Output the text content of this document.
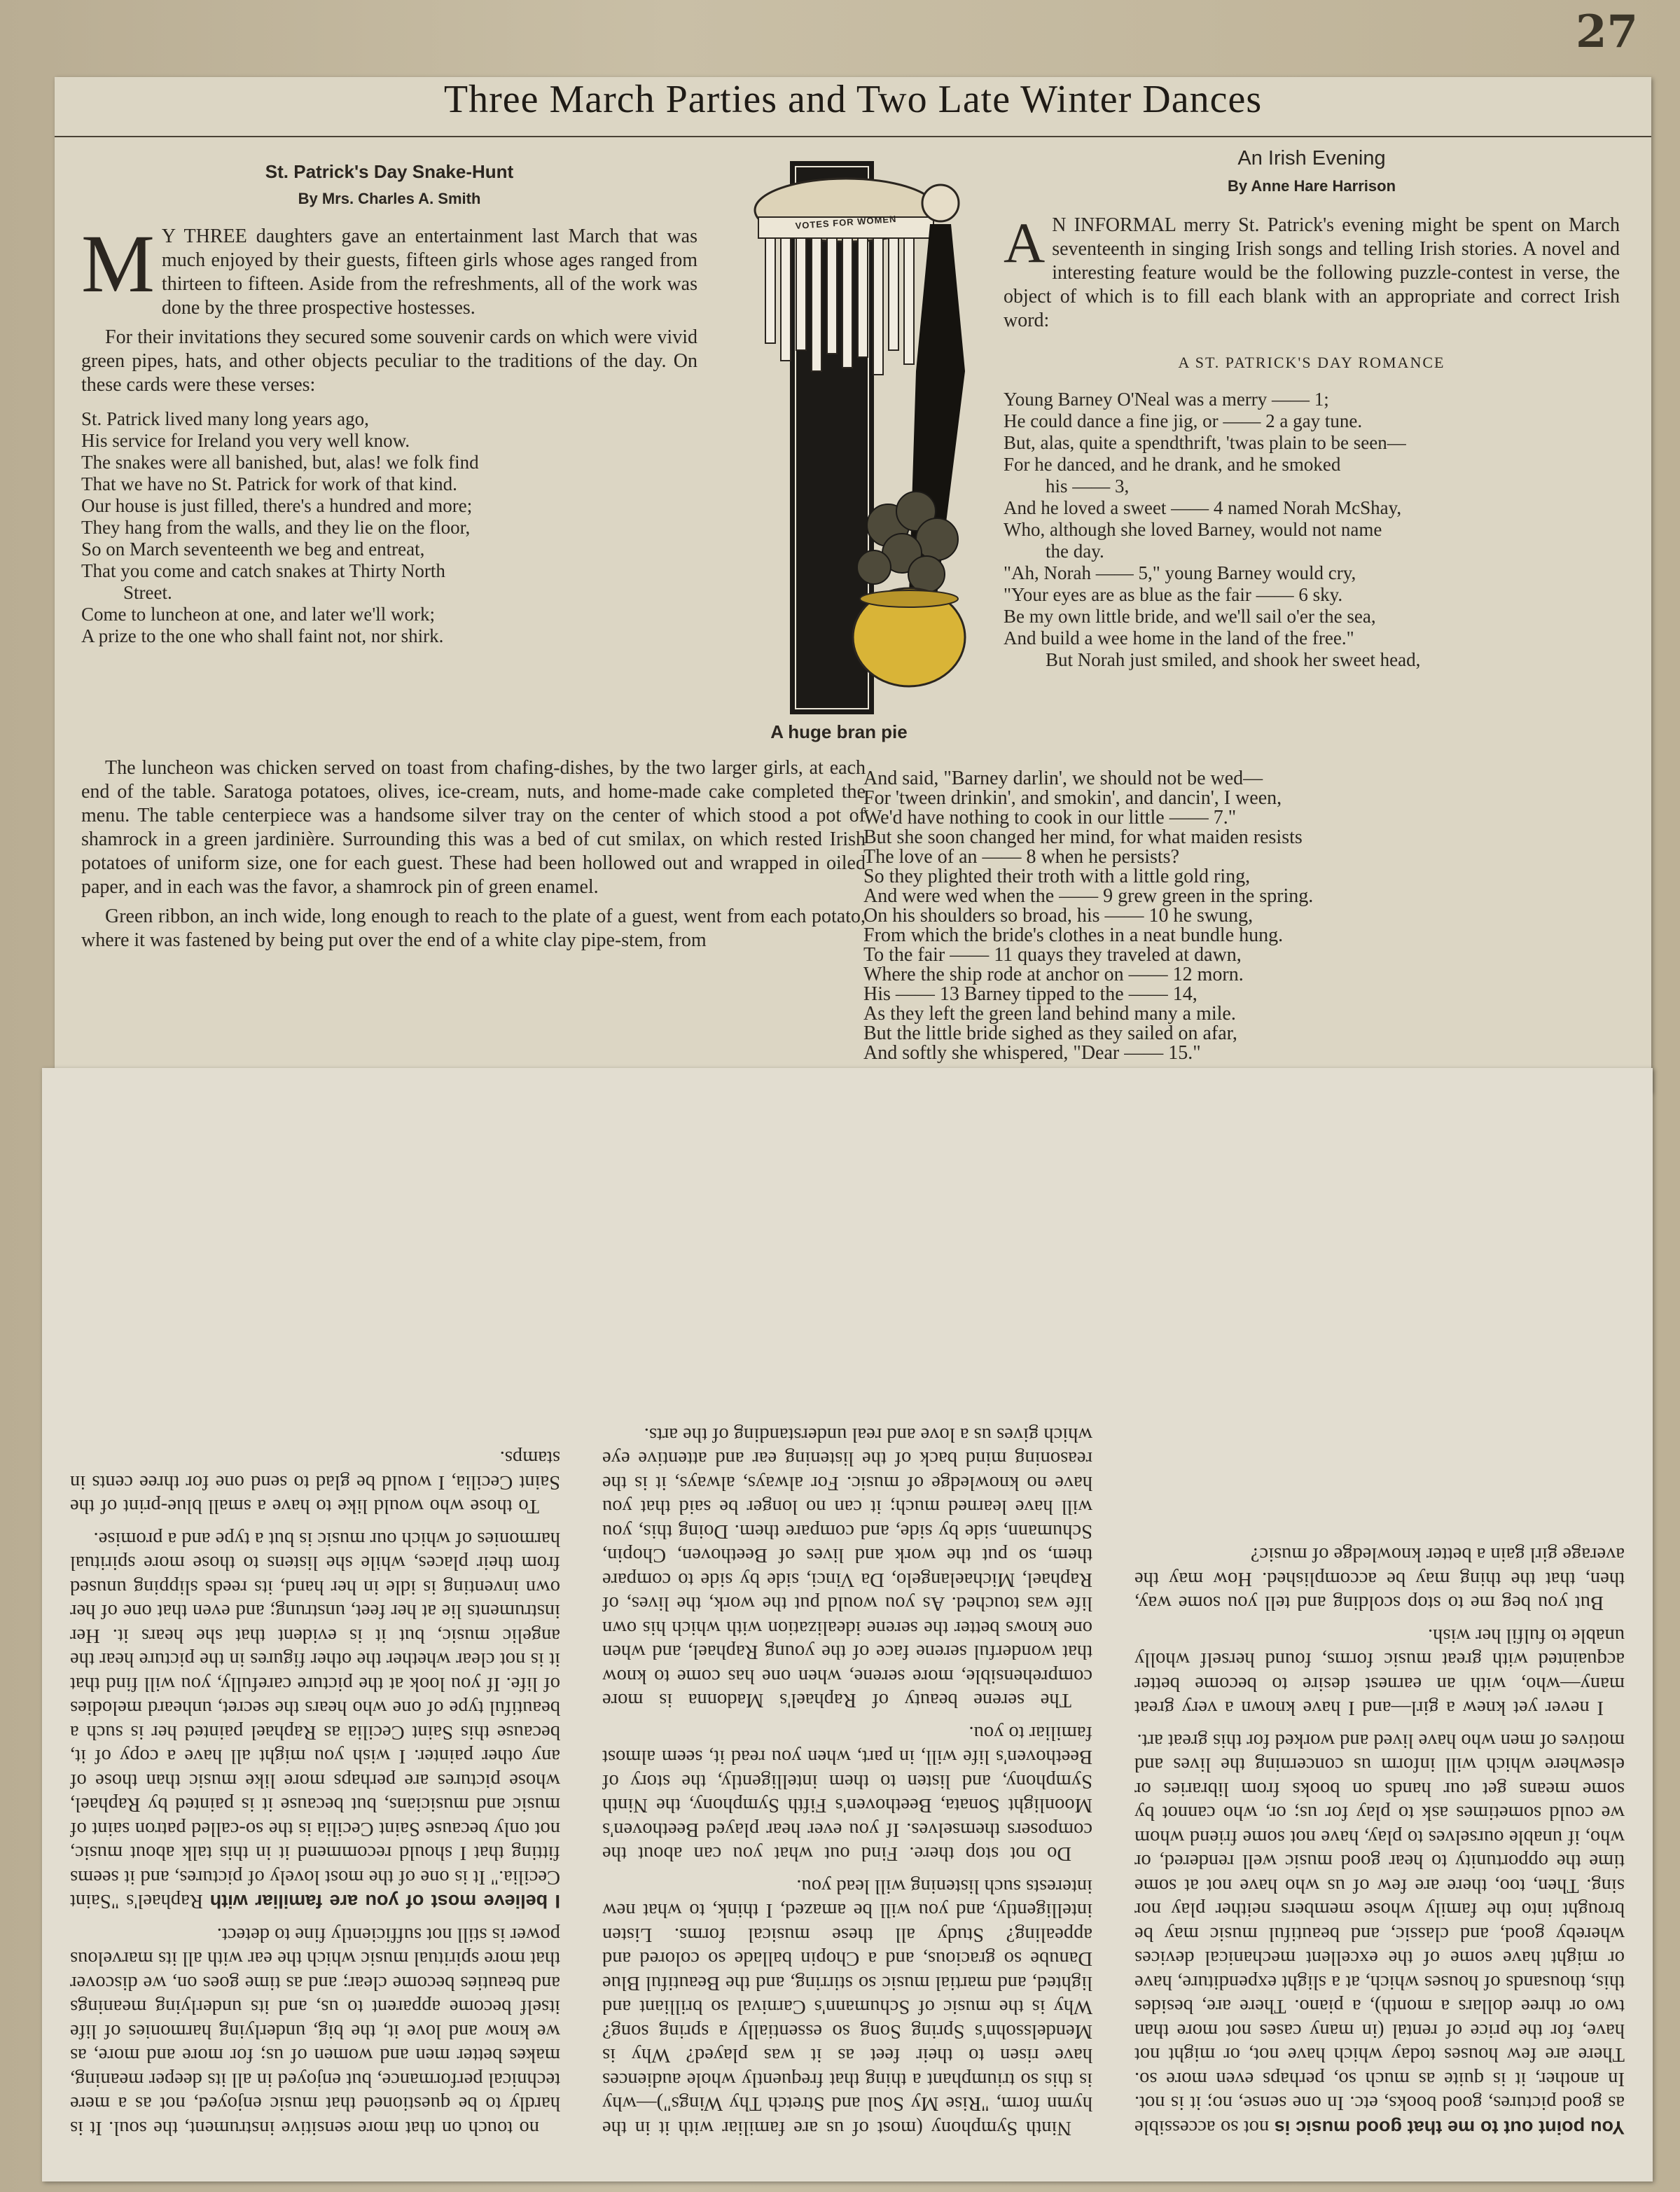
27
Three March Parties and Two Late Winter Dances
St. Patrick's Day Snake-Hunt
By Mrs. Charles A. Smith

M Y THREE daughters gave an entertainment last March that was much enjoyed by their guests, fifteen girls whose ages ranged from thirteen to fifteen. Aside from the refreshments, all of the work was done by the three prospective hostesses.

For their invitations they secured some souvenir cards on which were vivid green pipes, hats, and other objects peculiar to the traditions of the day. On these cards were these verses:

St. Patrick lived many long years ago,
His service for Ireland you very well know.
The snakes were all banished, but, alas! we folk find
That we have no St. Patrick for work of that kind.
Our house is just filled, there's a hundred and more;
They hang from the walls, and they lie on the floor,
So on March seventeenth we beg and entreat,
That you come and catch snakes at Thirty North
Street.
Come to luncheon at one, and later we'll work;
A prize to the one who shall faint not, nor shirk.

The luncheon was chicken served on toast from chafing-dishes, by the two larger girls, at each end of the table. Saratoga potatoes, olives, ice-cream, nuts, and home-made cake completed the menu. The table centerpiece was a handsome silver tray on the center of which stood a pot of shamrock in a green jardinière. Surrounding this was a bed of cut smilax, on which rested Irish potatoes of uniform size, one for each guest. These had been hollowed out and wrapped in oiled paper, and in each was the favor, a shamrock pin of green enamel.

Green ribbon, an inch wide, long enough to reach to the plate of a guest, went from each potato, where it was fastened by being put over the end of a white clay pipe-stem, from

VOTES FOR WOMEN
A huge bran pie
An Irish Evening
By Anne Hare Harrison

A N INFORMAL merry St. Patrick's evening might be spent on March seventeenth in singing Irish songs and telling Irish stories. A novel and interesting feature would be the following puzzle-contest in verse, the object of which is to fill each blank with an appropriate and correct Irish word:

A ST. PATRICK'S DAY ROMANCE
Young Barney O'Neal was a merry —— 1;
He could dance a fine jig, or —— 2 a gay tune.
But, alas, quite a spendthrift, 'twas plain to be seen—
For he danced, and he drank, and he smoked
his —— 3,
And he loved a sweet —— 4 named Norah McShay,
Who, although she loved Barney, would not name
the day.
"Ah, Norah —— 5," young Barney would cry,
"Your eyes are as blue as the fair —— 6 sky.
Be my own little bride, and we'll sail o'er the sea,
And build a wee home in the land of the free."
But Norah just smiled, and shook her sweet head,
And said, "Barney darlin', we should not be wed—
For 'tween drinkin', and smokin', and dancin', I ween,
We'd have nothing to cook in our little —— 7."
But she soon changed her mind, for what maiden resists
The love of an —— 8 when he persists?
So they plighted their troth with a little gold ring,
And were wed when the —— 9 grew green in the spring.
On his shoulders so broad, his —— 10 he swung,
From which the bride's clothes in a neat bundle hung.
To the fair —— 11 quays they traveled at dawn,
Where the ship rode at anchor on —— 12 morn.
His —— 13 Barney tipped to the —— 14,
As they left the green land behind many a mile.
But the little bride sighed as they sailed on afar,
And softly she whispered, "Dear —— 15."

You point out to me that good music is not so accessible as good pictures, good books, etc. In one sense, no; it is not. In another, it is quite as much so, perhaps even more so. There are few houses today which have not, or might not have, for the price of rental (in many cases not more than two or three dollars a month), a piano. There are, besides this, thousands of houses which, at a slight expenditure, have or might have some of the excellent mechanical devices whereby good, and classic, and beautiful music may be brought into the family whose members neither play nor sing. Then, too, there are few of us who have not at some time the opportunity to hear good music well rendered, or who, if unable ourselves to play, have not some friend whom we could sometimes ask to play for us; or, who cannot by some means get our hands on books from libraries or elsewhere which will inform us concerning the lives and motives of men who have lived and worked for this great art.

I never yet knew a girl—and I have known a very great many—who, with an earnest desire to become better acquainted with great music forms, found herself wholly unable to fulfil her wish.

But you beg me to stop scolding and tell you some way, then, that the thing may be accomplished. How may the average girl gain a better knowledge of music?

Ninth Symphony (most of us are familiar with it in the hymn form, "Rise My Soul and Stretch Thy Wings")—why is this so triumphant a thing that frequently whole audiences have risen to their feet as it was played? Why is Mendelssohn's Spring Song so essentially a spring song? Why is the music of Schumann's Carnival so brilliant and lighted, and martial music so stirring, and the Beautiful Blue Danube so gracious, and a Chopin ballade so colored and appealing? Study all these musical forms. Listen intelligently, and you will be amazed, I think, to what new interests such listening will lead you.

Do not stop there. Find out what you can about the composers themselves. If you ever hear played Beethoven's Moonlight Sonata, Beethoven's Fifth Symphony, the Ninth Symphony, and listen to them intelligently, the story of Beethoven's life will, in part, when you read it, seem almost familiar to you.

The serene beauty of Raphael's Madonna is more comprehensible, more serene, when one has come to know that wonderful serene face of the young Raphael, and when one knows better the serene idealization with which his own life was touched. As you would put the work, the lives, of Raphael, Michaelangelo, Da Vinci, side by side to compare them, so put the work and lives of Beethoven, Chopin, Schumann, side by side, and compare them. Doing this, you will have learned much; it can no longer be said that you have no knowledge of music. For always, always, it is the reasoning mind back of the listening ear and attentive eye which gives us a love and real understanding of the arts.

no touch on that more sensitive instrument, the soul. It is hardly to be questioned that music enjoyed, not as a mere technical performance, but enjoyed in all its deeper meaning, makes better men and women of us; for more and more, as we know and love it, the big, underlying harmonies of life itself become apparent to us, and its underlying meanings and beauties become clear; and as time goes on, we discover that more spiritual music which the ear with all its marvelous power is still not sufficiently fine to detect.

I believe most of you are familiar with Raphael's "Saint Cecilia." It is one of the most lovely of pictures, and it seems fitting that I should recommend it in this talk about music, not only because Saint Cecilia is the so-called patron saint of music and musicians, but because it is painted by Raphael, whose pictures are perhaps more like music than those of any other painter. I wish you might all have a copy of it, because this Saint Cecilia as Raphael painted her is such a beautiful type of one who hears the secret, unheard melodies of life. If you look at the picture carefully, you will find that it is not clear whether the other figures in the picture hear the angelic music, but it is evident that she hears it. Her instruments lie at her feet, unstrung; and even that one of her own inventing is idle in her hand, its reeds slipping unused from their places, while she listens to those more spiritual harmonies of which our music is but a type and a promise.

To those who would like to have a small blue-print of the Saint Cecilia, I would be glad to send one for three cents in stamps.
